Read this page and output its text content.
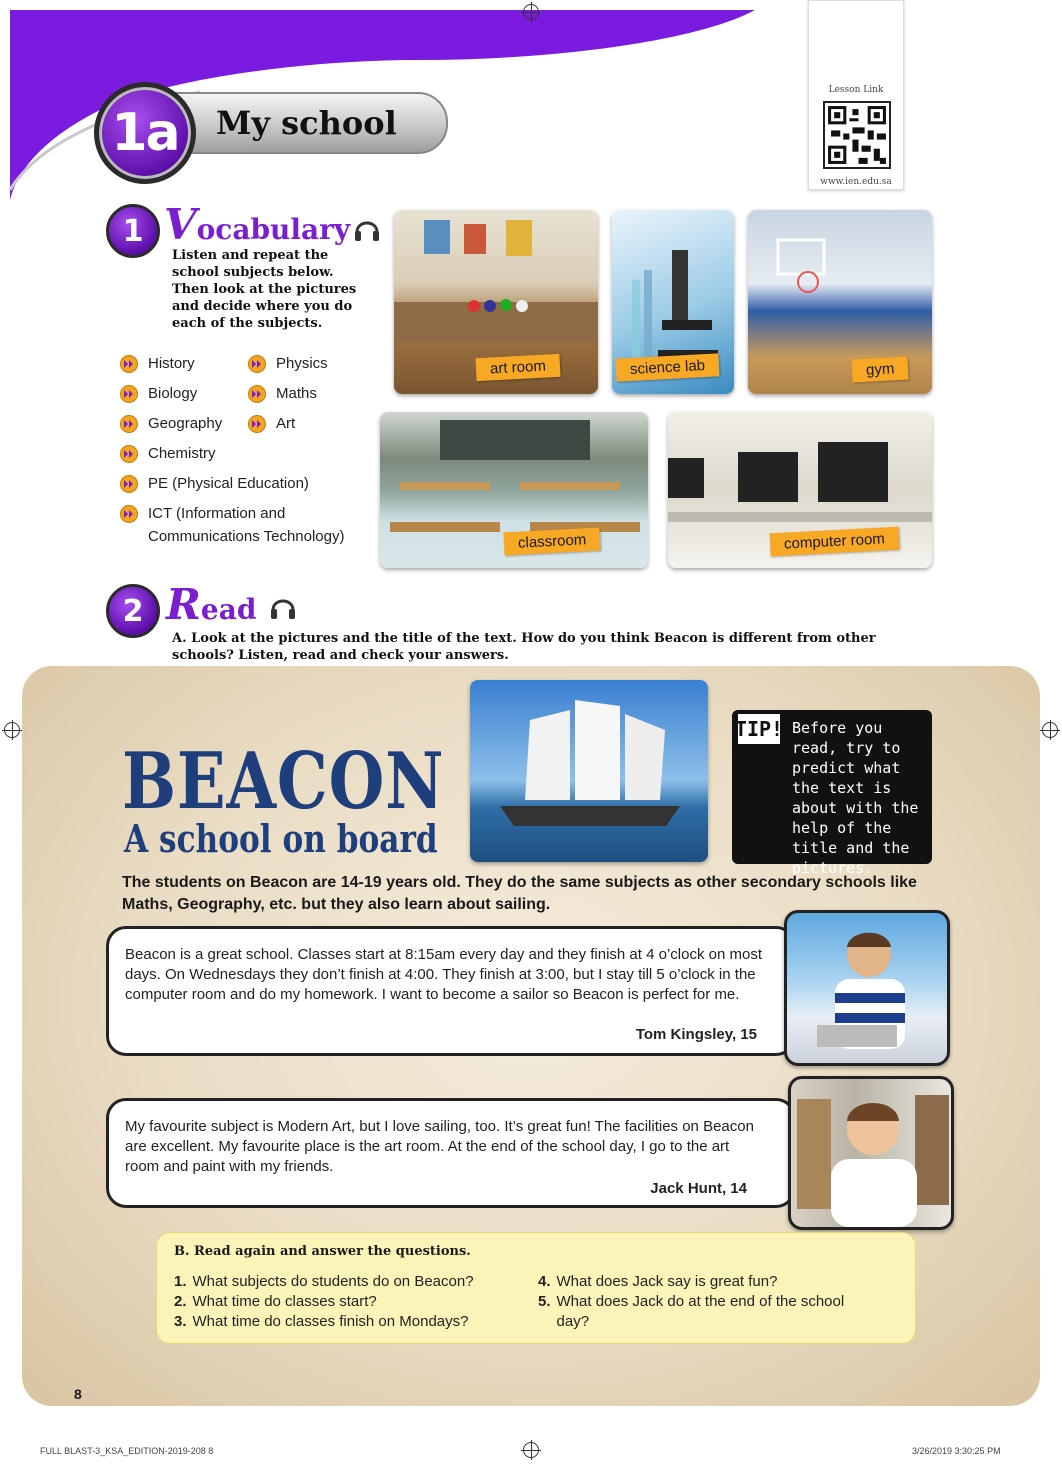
My school
1a
Lesson Link
www.ien.edu.sa
1 Vocabulary
Listen and repeat the school subjects below. Then look at the pictures and decide where you do each of the subjects.
History
Biology
Geography
Chemistry
PE (Physical Education)
ICT (Information and
Communications Technology)
Physics
Maths
Art
art room	science lab	gym
classroom	computer room
2 Read
A. Look at the pictures and the title of the text. How do you think Beacon is different from other schools? Listen, read and check your answers.
BEACON
A school on board
TIP! Before you read, try to predict what the text is about with the help of the title and the pictures.
The students on Beacon are 14-19 years old. They do the same subjects as other secondary schools like Maths, Geography, etc. but they also learn about sailing.

Beacon is a great school. Classes start at 8:15am every day and they finish at 4 o’clock on most days. On Wednesdays they don’t finish at 4:00. They finish at 3:00, but I stay till 5 o’clock in the computer room and do my homework. I want to become a sailor so Beacon is perfect for me.

Tom Kingsley, 15

My favourite subject is Modern Art, but I love sailing, too. It’s great fun! The facilities on Beacon are excellent. My favourite place is the art room. At the end of the school day, I go to the art room and paint with my friends.

Jack Hunt, 14
B. Read again and answer the questions.
1. What subjects do students do on Beacon?
2. What time do classes start?
3. What time do classes finish on Mondays?
4. What does Jack say is great fun?
5. What does Jack do at the end of the school
day?
8
FULL BLAST-3_KSA_EDITION-2019-208 8	3/26/2019 3:30:25 PM
